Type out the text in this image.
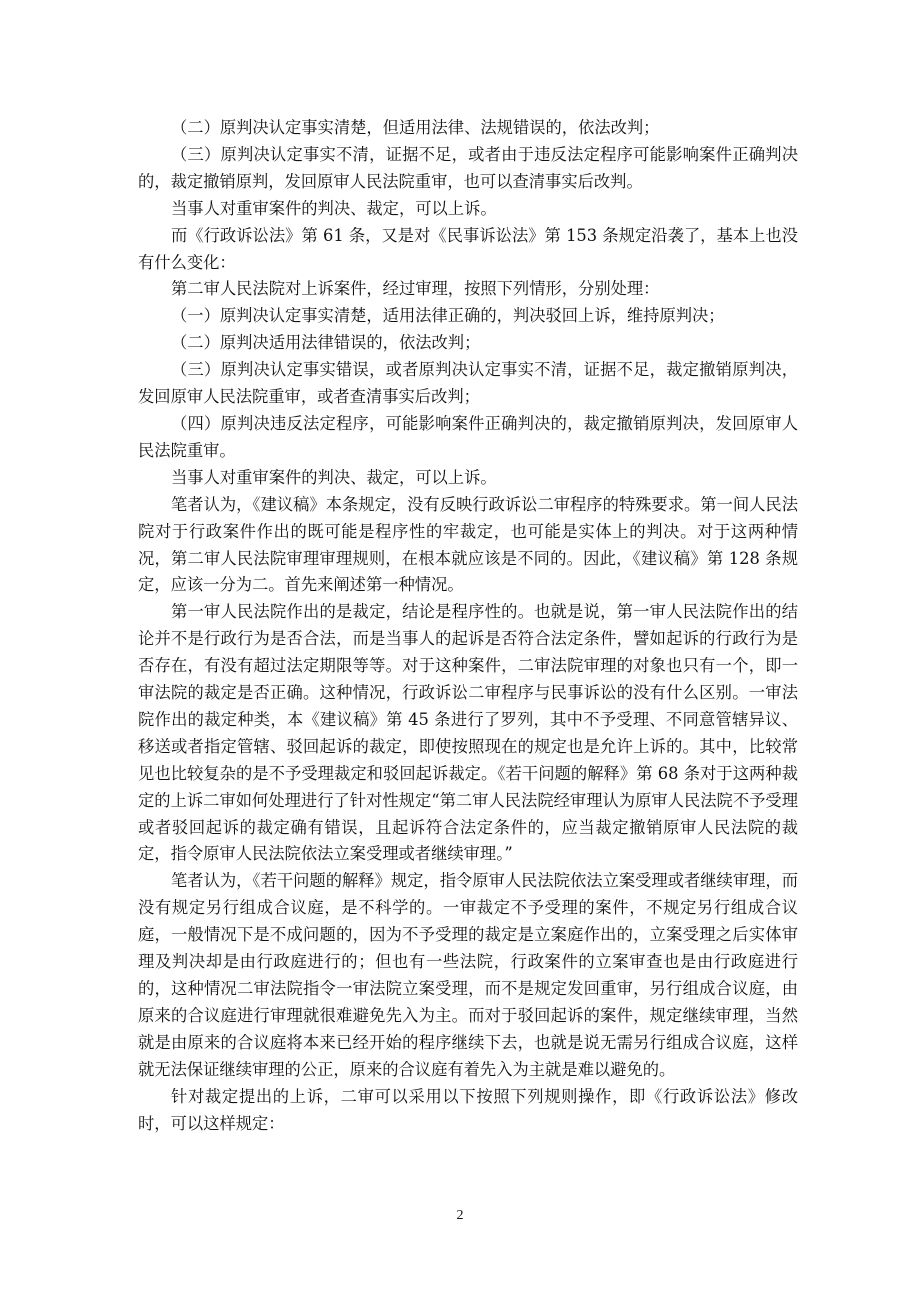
（二）原判决认定事实清楚，但适用法律、法规错误的，依法改判；

（三）原判决认定事实不清，证据不足，或者由于违反法定程序可能影响案件正确判决的，裁定撤销原判，发回原审人民法院重审，也可以查清事实后改判。

当事人对重审案件的判决、裁定，可以上诉。

而《行政诉讼法》第 61 条，又是对《民事诉讼法》第 153 条规定沿袭了，基本上也没有什么变化：

第二审人民法院对上诉案件，经过审理，按照下列情形，分别处理：

（一）原判决认定事实清楚，适用法律正确的，判决驳回上诉，维持原判决；

（二）原判决适用法律错误的，依法改判；

（三）原判决认定事实错误，或者原判决认定事实不清，证据不足，裁定撤销原判决，发回原审人民法院重审，或者查清事实后改判；

（四）原判决违反法定程序，可能影响案件正确判决的，裁定撤销原判决，发回原审人民法院重审。

当事人对重审案件的判决、裁定，可以上诉。

笔者认为，《建议稿》本条规定，没有反映行政诉讼二审程序的特殊要求。第一间人民法院对于行政案件作出的既可能是程序性的牢裁定，也可能是实体上的判决。对于这两种情况，第二审人民法院审理审理规则，在根本就应该是不同的。因此，《建议稿》第 128 条规定，应该一分为二。首先来阐述第一种情况。

第一审人民法院作出的是裁定，结论是程序性的。也就是说，第一审人民法院作出的结论并不是行政行为是否合法，而是当事人的起诉是否符合法定条件，譬如起诉的行政行为是否存在，有没有超过法定期限等等。对于这种案件，二审法院审理的对象也只有一个，即一审法院的裁定是否正确。这种情况，行政诉讼二审程序与民事诉讼的没有什么区别。一审法院作出的裁定种类，本《建议稿》第 45 条进行了罗列，其中不予受理、不同意管辖异议、移送或者指定管辖、驳回起诉的裁定，即使按照现在的规定也是允许上诉的。其中，比较常见也比较复杂的是不予受理裁定和驳回起诉裁定。《若干问题的解释》第 68 条对于这两种裁定的上诉二审如何处理进行了针对性规定“第二审人民法院经审理认为原审人民法院不予受理或者驳回起诉的裁定确有错误，且起诉符合法定条件的，应当裁定撤销原审人民法院的裁定，指令原审人民法院依法立案受理或者继续审理。”

笔者认为，《若干问题的解释》规定，指令原审人民法院依法立案受理或者继续审理，而没有规定另行组成合议庭，是不科学的。一审裁定不予受理的案件，不规定另行组成合议庭，一般情况下是不成问题的，因为不予受理的裁定是立案庭作出的，立案受理之后实体审理及判决却是由行政庭进行的；但也有一些法院，行政案件的立案审查也是由行政庭进行的，这种情况二审法院指令一审法院立案受理，而不是规定发回重审，另行组成合议庭，由原来的合议庭进行审理就很难避免先入为主。而对于驳回起诉的案件，规定继续审理，当然就是由原来的合议庭将本来已经开始的程序继续下去，也就是说无需另行组成合议庭，这样就无法保证继续审理的公正，原来的合议庭有着先入为主就是难以避免的。

针对裁定提出的上诉，二审可以采用以下按照下列规则操作，即《行政诉讼法》修改时，可以这样规定：

2
